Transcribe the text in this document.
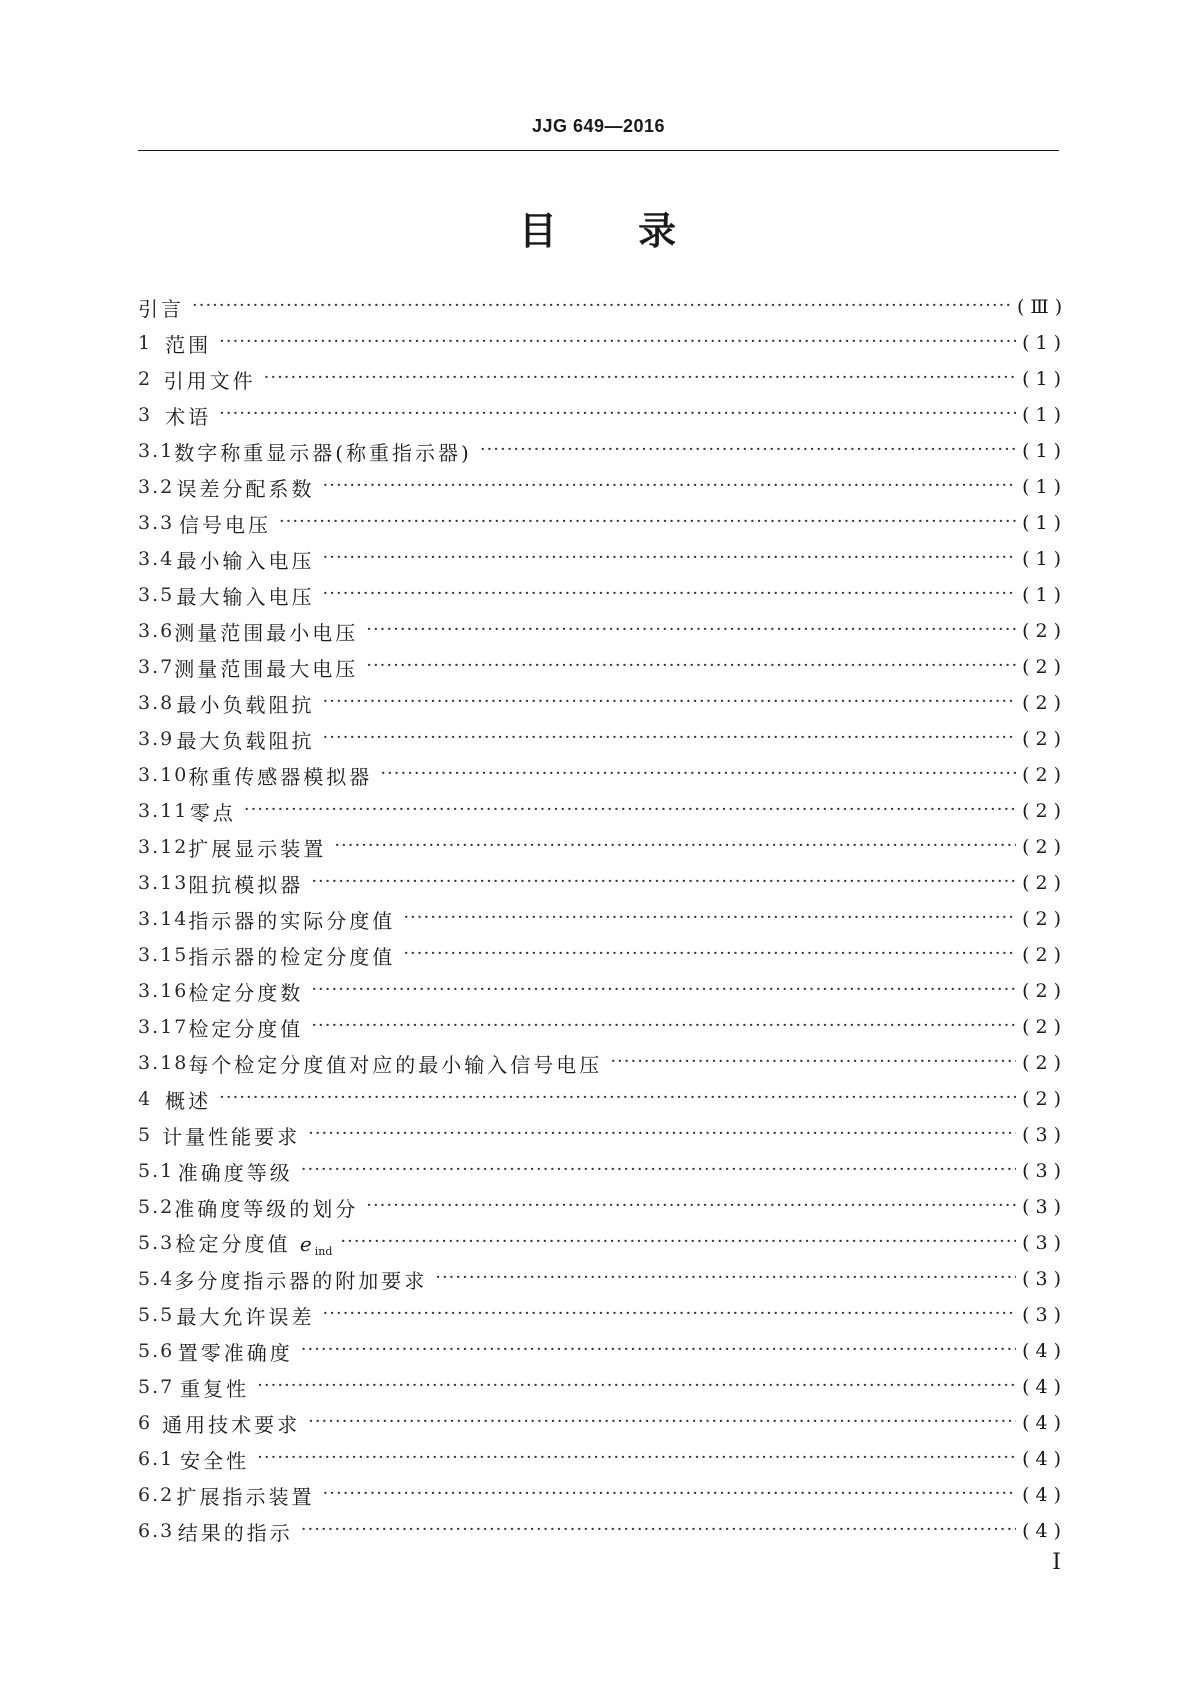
JJG 649—2016
目 录
引言 ·····	(Ⅲ)
1 范围 ·····	(1)
2 引用文件 ·····	(1)
3 术语 ·····	(1)
3.1 数字称重显示器(称重指示器) ·····	(1)
3.2 误差分配系数 ·····	(1)
3.3 信号电压 ·····	(1)
3.4 最小输入电压 ·····	(1)
3.5 最大输入电压 ·····	(1)
3.6 测量范围最小电压 ·····	(2)
3.7 测量范围最大电压 ·····	(2)
3.8 最小负载阻抗 ·····	(2)
3.9 最大负载阻抗 ·····	(2)
3.10 称重传感器模拟器 ·····	(2)
3.11 零点 ·····	(2)
3.12 扩展显示装置 ·····	(2)
3.13 阻抗模拟器 ·····	(2)
3.14 指示器的实际分度值 ·····	(2)
3.15 指示器的检定分度值 ·····	(2)
3.16 检定分度数 ·····	(2)
3.17 检定分度值 ·····	(2)
3.18 每个检定分度值对应的最小输入信号电压 ·····	(2)
4 概述 ·····	(2)
5 计量性能要求 ·····	(3)
5.1 准确度等级 ·····	(3)
5.2 准确度等级的划分 ·····	(3)
5.3 检定分度值 $e_{ind}$ ·····	(3)
5.4 多分度指示器的附加要求 ·····	(3)
5.5 最大允许误差 ·····	(3)
5.6 置零准确度 ·····	(4)
5.7 重复性 ·····	(4)
6 通用技术要求 ·····	(4)
6.1 安全性 ·····	(4)
6.2 扩展指示装置 ·····	(4)
6.3 结果的指示 ·····	(4)
I
